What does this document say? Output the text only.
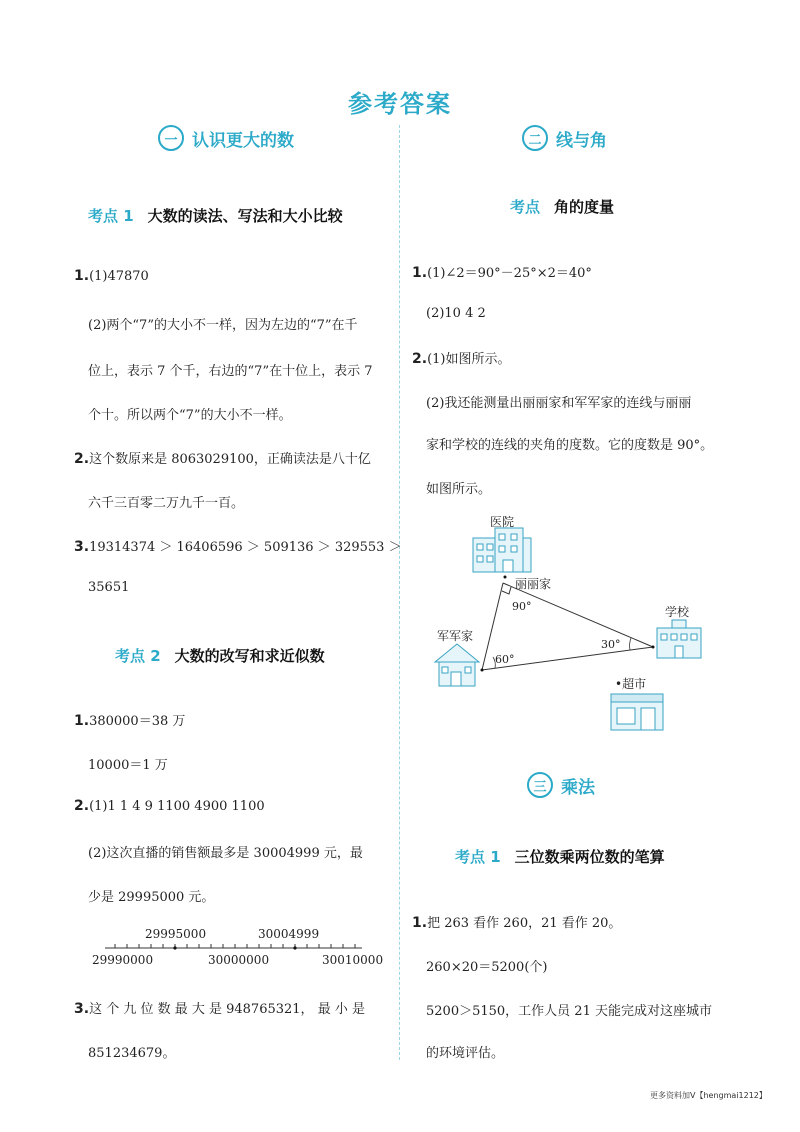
参考答案
一 认识更大的数
考点 1 大数的读法、写法和大小比较
1.(1)47870
(2)两个“7”的大小不一样，因为左边的“7”在千
位上，表示 7 个千，右边的“7”在十位上，表示 7
个十。所以两个“7”的大小不一样。
2.这个数原来是 8063029100，正确读法是八十亿
六千三百零二万九千一百。
3.19314374 ＞ 16406596 ＞ 509136 ＞ 329553 ＞
35651
考点 2 大数的改写和求近似数
1.380000＝38 万
10000＝1 万
2.(1)1 1 4 9 1100 4900 1100
(2)这次直播的销售额最多是 30004999 元，最
少是 29995000 元。
29995000	30004999
29990000	30000000	30010000
3.这 个 九 位 数 最 大 是 948765321， 最 小 是
851234679。
二 线与角
考点 角的度量
1.(1)∠2＝90°－25°×2＝40°
(2)10 4 2
2.(1)如图所示。
(2)我还能测量出丽丽家和军军家的连线与丽丽
家和学校的连线的夹角的度数。它的度数是 90°。
如图所示。
医院
丽丽家
90°
60°
30°
学校
军军家
•超市
三 乘法
考点 1 三位数乘两位数的笔算
1.把 263 看作 260，21 看作 20。
260×20＝5200(个)
5200＞5150，工作人员 21 天能完成对这座城市
的环境评估。
更多资料加V【hengmai1212】
